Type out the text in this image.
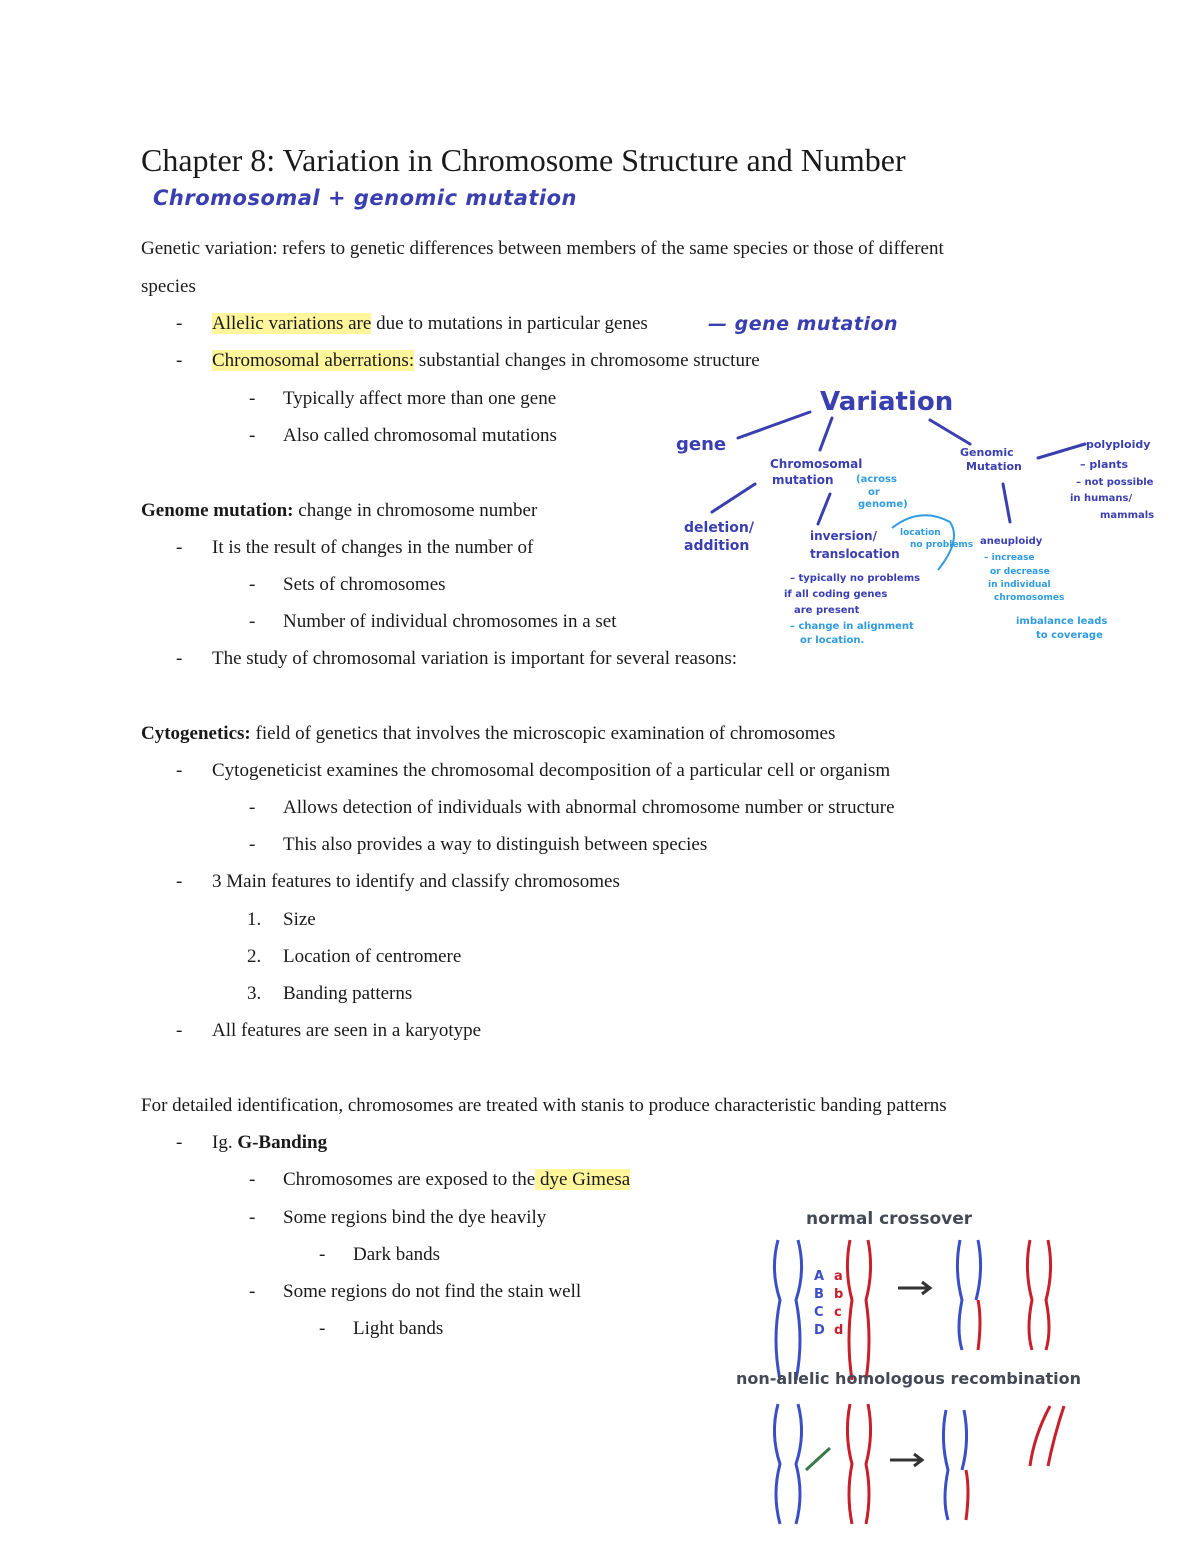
Chapter 8: Variation in Chromosome Structure and Number
Chromosomal + genomic mutation
Genetic variation: refers to genetic differences between members of the same species or those of different
species
- Allelic variations are due to mutations in particular genes	— gene mutation
- Chromosomal aberrations: substantial changes in chromosome structure
- Typically affect more than one gene
- Also called chromosomal mutations
Genome mutation: change in chromosome number
- It is the result of changes in the number of
- Sets of chromosomes
- Number of individual chromosomes in a set
- The study of chromosomal variation is important for several reasons:
Cytogenetics: field of genetics that involves the microscopic examination of chromosomes
- Cytogeneticist examines the chromosomal decomposition of a particular cell or organism
- Allows detection of individuals with abnormal chromosome number or structure
- This also provides a way to distinguish between species
- 3 Main features to identify and classify chromosomes
1. Size
2. Location of centromere
3. Banding patterns
- All features are seen in a karyotype
For detailed identification, chromosomes are treated with stanis to produce characteristic banding patterns
- Ig. G-Banding
- Chromosomes are exposed to the dye Gimesa
- Some regions bind the dye heavily
- Dark bands
- Some regions do not find the stain well
- Light bands
Variation
gene
Chromosomal
mutation
Genomic
Mutation
polyploidy
– plants
– not possible
in humans/
mammals
deletion/
addition
inversion/
translocation
– typically no problems
if all coding genes
are present
aneuploidy
(across
or
genome)
location
no problems
– change in alignment
or location.
– increase
or decrease
in individual
chromosomes
imbalance leads
to coverage
normal crossover
A
B
C
D
a
b
c
d
non-allelic homologous recombination
